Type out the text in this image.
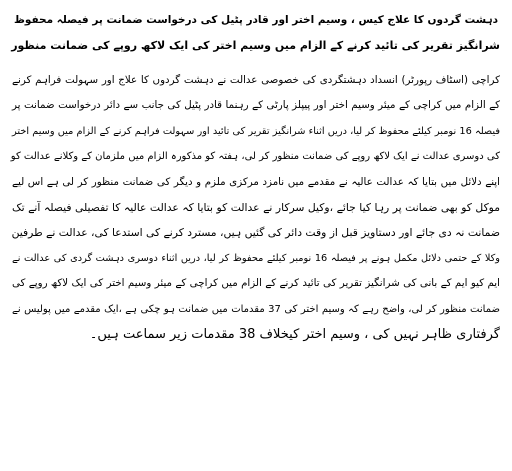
دہشت گردوں کا علاج کیس ، وسیم اختر اور قادر پٹیل کی درخواست ضمانت پر فیصلہ محفوظ
شرانگیز تقریر کی تائید کرنے کے الزام میں وسیم اختر کی ایک لاکھ روپے کی ضمانت منظور
کراچی (اسٹاف رپورٹر) انسداد دہشتگردی کی خصوصی عدالت نے دہشت گردوں کا علاج اور سہولت فراہم کرنے
کے الزام میں کراچی کے میئر وسیم اختر اور پیپلز پارٹی کے رہنما قادر پٹیل کی جانب سے دائر درخواست ضمانت پر
فیصلہ 16 نومبر کیلئے محفوظ کر لیا، دریں اثناء شرانگیز تقریر کی تائید اور سہولت فراہم کرنے کے الزام میں وسیم اختر
کی دوسری عدالت نے ایک لاکھ روپے کی ضمانت منظور کر لی، ہفتہ کو مذکورہ الزام میں ملزمان کے وکلانے عدالت کو
اپنے دلائل میں بتایا کہ عدالت عالیہ نے مقدمے میں نامزد مرکزی ملزم و دیگر کی ضمانت منظور کر لی ہے اس لیے
موکل کو بھی ضمانت پر رہا کیا جائے ،وکیل سرکار نے عدالت کو بتایا کہ عدالت عالیہ کا تفصیلی فیصلہ آنے تک
ضمانت نہ دی جائے اور دستاویز قبل از وقت دائر کی گئیں ہیں، مسترد کرنے کی استدعا کی، عدالت نے طرفین
وکلا کے حتمی دلائل مکمل ہونے پر فیصلہ 16 نومبر کیلئے محفوظ کر لیا، دریں اثناء دوسری دہشت گردی کی عدالت نے
ایم کیو ایم کے بانی کی شرانگیز تقریر کی تائید کرنے کے الزام میں کراچی کے میئر وسیم اختر کی ایک لاکھ روپے کی
ضمانت منظور کر لی، واضح رہے کہ وسیم اختر کی 37 مقدمات میں ضمانت ہو چکی ہے ،ایک مقدمے میں پولیس نے
گرفتاری ظاہر نہیں کی ، وسیم اختر کیخلاف 38 مقدمات زیر سماعت ہیں۔
